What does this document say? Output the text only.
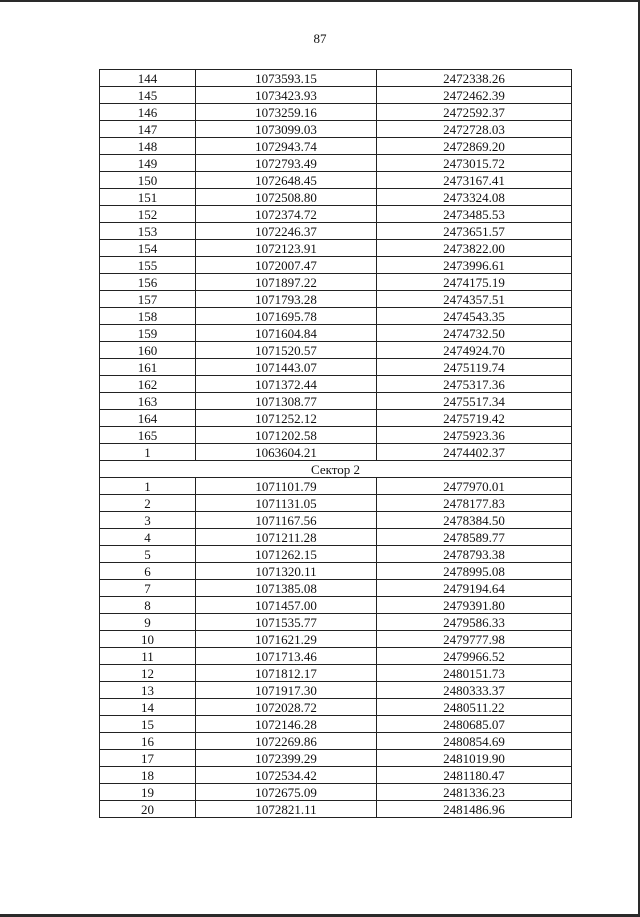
87
144	1073593.15	2472338.26
145	1073423.93	2472462.39
146	1073259.16	2472592.37
147	1073099.03	2472728.03
148	1072943.74	2472869.20
149	1072793.49	2473015.72
150	1072648.45	2473167.41
151	1072508.80	2473324.08
152	1072374.72	2473485.53
153	1072246.37	2473651.57
154	1072123.91	2473822.00
155	1072007.47	2473996.61
156	1071897.22	2474175.19
157	1071793.28	2474357.51
158	1071695.78	2474543.35
159	1071604.84	2474732.50
160	1071520.57	2474924.70
161	1071443.07	2475119.74
162	1071372.44	2475317.36
163	1071308.77	2475517.34
164	1071252.12	2475719.42
165	1071202.58	2475923.36
1	1063604.21	2474402.37
Сектор 2		
1	1071101.79	2477970.01
2	1071131.05	2478177.83
3	1071167.56	2478384.50
4	1071211.28	2478589.77
5	1071262.15	2478793.38
6	1071320.11	2478995.08
7	1071385.08	2479194.64
8	1071457.00	2479391.80
9	1071535.77	2479586.33
10	1071621.29	2479777.98
11	1071713.46	2479966.52
12	1071812.17	2480151.73
13	1071917.30	2480333.37
14	1072028.72	2480511.22
15	1072146.28	2480685.07
16	1072269.86	2480854.69
17	1072399.29	2481019.90
18	1072534.42	2481180.47
19	1072675.09	2481336.23
20	1072821.11	2481486.96
